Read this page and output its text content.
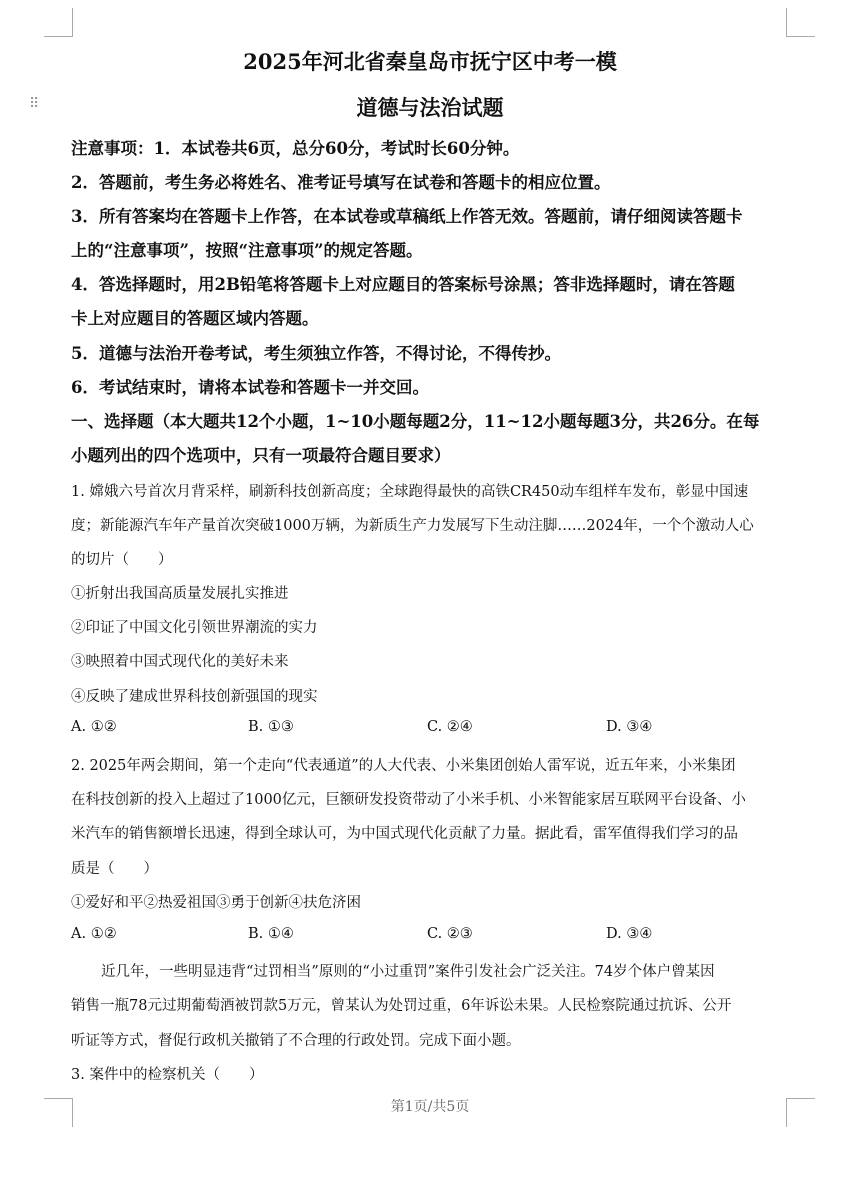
⠿
2025年河北省秦皇岛市抚宁区中考一模
道德与法治试题
注意事项：1．本试卷共6页，总分60分，考试时长60分钟。
2．答题前，考生务必将姓名、准考证号填写在试卷和答题卡的相应位置。
3．所有答案均在答题卡上作答，在本试卷或草稿纸上作答无效。答题前，请仔细阅读答题卡
上的“注意事项”，按照“注意事项”的规定答题。
4．答选择题时，用2B铅笔将答题卡上对应题目的答案标号涂黑；答非选择题时，请在答题
卡上对应题目的答题区域内答题。
5．道德与法治开卷考试，考生须独立作答，不得讨论，不得传抄。
6．考试结束时，请将本试卷和答题卡一并交回。
一、选择题（本大题共12个小题，1~10小题每题2分，11~12小题每题3分，共26分。在每
小题列出的四个选项中，只有一项最符合题目要求）
1. 嫦娥六号首次月背采样，刷新科技创新高度；全球跑得最快的高铁CR450动车组样车发布，彰显中国速
度；新能源汽车年产量首次突破1000万辆，为新质生产力发展写下生动注脚……2024年，一个个激动人心
的切片（　　）
①折射出我国高质量发展扎实推进
②印证了中国文化引领世界潮流的实力
③映照着中国式现代化的美好未来
④反映了建成世界科技创新强国的现实
A. ①②	B. ①③	C. ②④	D. ③④
2. 2025年两会期间，第一个走向“代表通道”的人大代表、小米集团创始人雷军说，近五年来，小米集团
在科技创新的投入上超过了1000亿元，巨额研发投资带动了小米手机、小米智能家居互联网平台设备、小
米汽车的销售额增长迅速，得到全球认可，为中国式现代化贡献了力量。据此看，雷军值得我们学习的品
质是（　　）
①爱好和平②热爱祖国③勇于创新④扶危济困
A. ①②	B. ①④	C. ②③	D. ③④
近几年，一些明显违背“过罚相当”原则的“小过重罚”案件引发社会广泛关注。74岁个体户曾某因
销售一瓶78元过期葡萄酒被罚款5万元，曾某认为处罚过重，6年诉讼未果。人民检察院通过抗诉、公开
听证等方式，督促行政机关撤销了不合理的行政处罚。完成下面小题。
3. 案件中的检察机关（　　）
第1页/共5页
